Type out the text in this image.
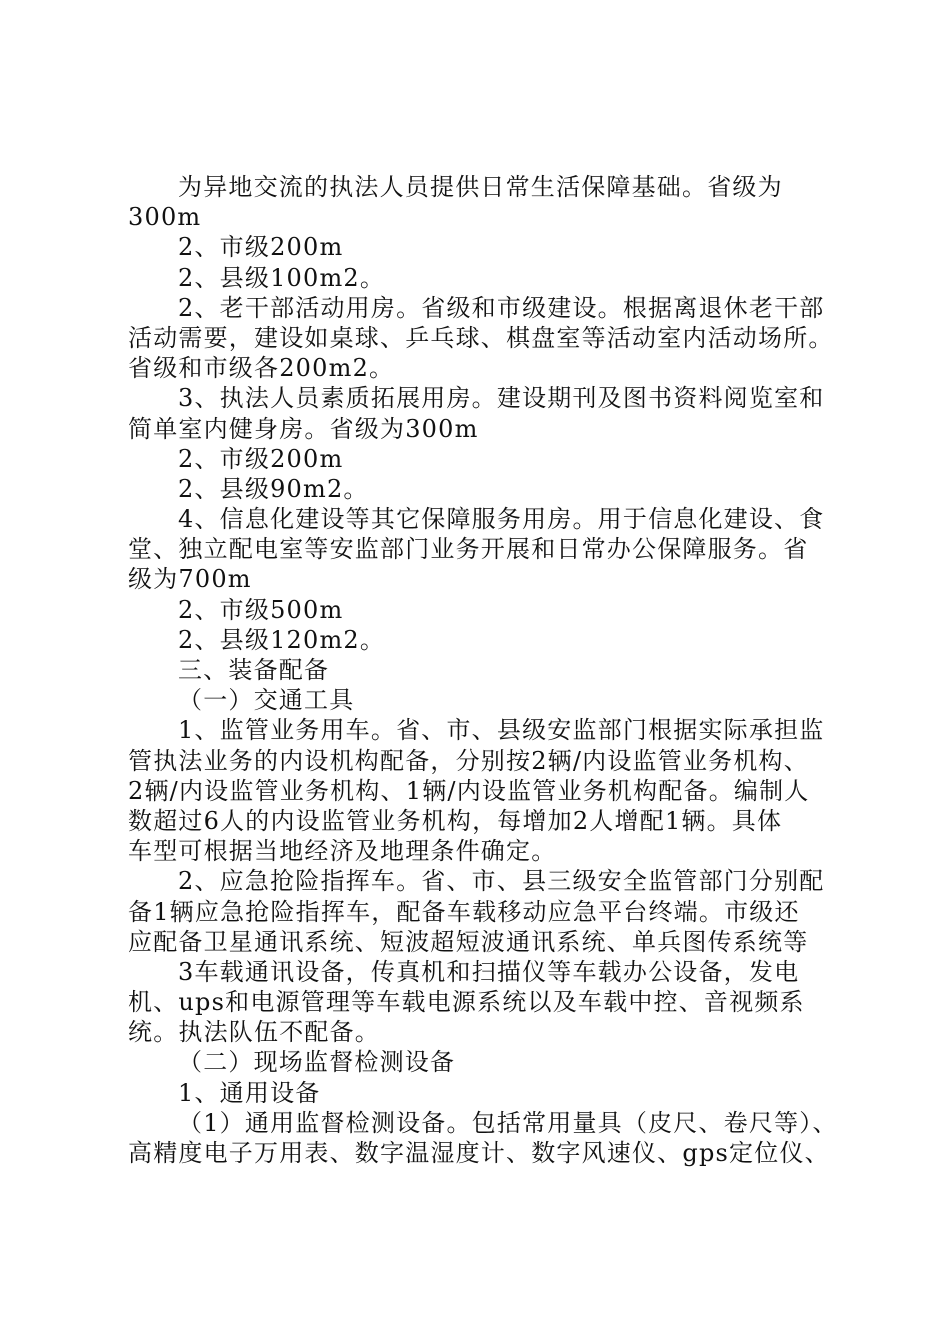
为异地交流的执法人员提供日常生活保障基础。省级为
300m
2、市级200m
2、县级100m2。
2、老干部活动用房。省级和市级建设。根据离退休老干部
活动需要，建设如桌球、乒乓球、棋盘室等活动室内活动场所。
省级和市级各200m2。
3、执法人员素质拓展用房。建设期刊及图书资料阅览室和
简单室内健身房。省级为300m
2、市级200m
2、县级90m2。
4、信息化建设等其它保障服务用房。用于信息化建设、食
堂、独立配电室等安监部门业务开展和日常办公保障服务。省
级为700m
2、市级500m
2、县级120m2。
三、装备配备
（一）交通工具
1、监管业务用车。省、市、县级安监部门根据实际承担监
管执法业务的内设机构配备，分别按2辆/内设监管业务机构、
2辆/内设监管业务机构、1辆/内设监管业务机构配备。编制人
数超过6人的内设监管业务机构，每增加2人增配1辆。具体
车型可根据当地经济及地理条件确定。
2、应急抢险指挥车。省、市、县三级安全监管部门分别配
备1辆应急抢险指挥车，配备车载移动应急平台终端。市级还
应配备卫星通讯系统、短波超短波通讯系统、单兵图传系统等
3车载通讯设备，传真机和扫描仪等车载办公设备，发电
机、ups和电源管理等车载电源系统以及车载中控、音视频系
统。执法队伍不配备。
（二）现场监督检测设备
1、通用设备
（1）通用监督检测设备。包括常用量具（皮尺、卷尺等）、
高精度电子万用表、数字温湿度计、数字风速仪、gps定位仪、
